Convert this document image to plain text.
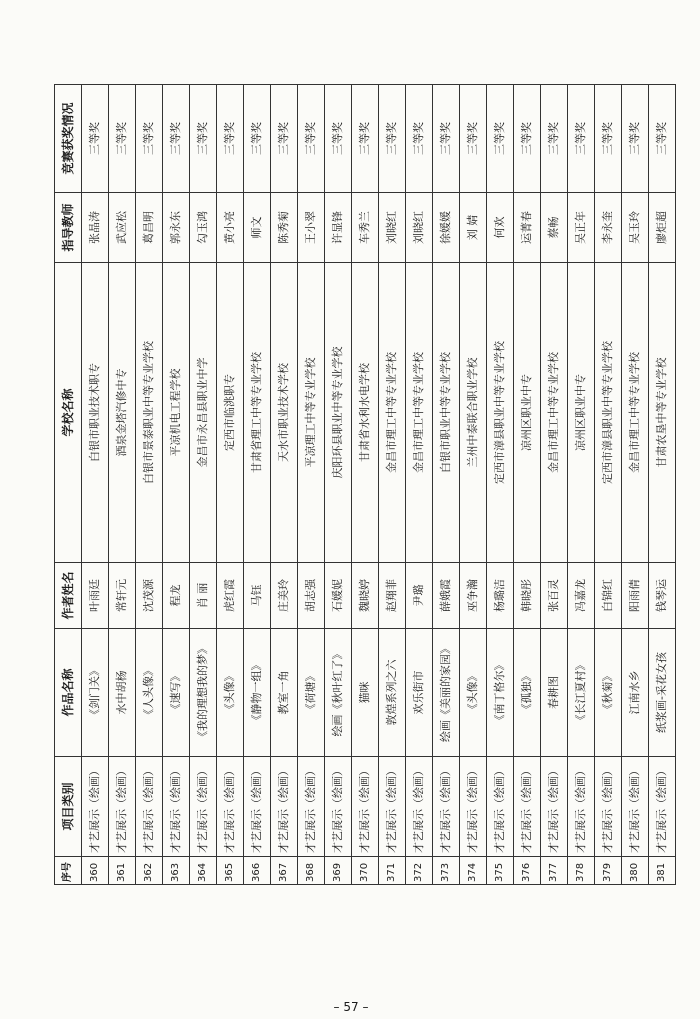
序号	项目类别	作品名称	作者姓名	学校名称	指导教师	竞赛获奖情况
360	才艺展示（绘画）	《剑门关》	叶雨廷	白银市职业技术职专	张晶涛	三等奖
361	才艺展示（绘画）	水中胡杨	常轩元	酒泉金塔汽修中专	武应松	三等奖
362	才艺展示（绘画）	《人头像》	沈茂源	白银市景泰职业中等专业学校	葛昌明	三等奖
363	才艺展示（绘画）	《速写》	程龙	平凉机电工程学校	郭永东	三等奖
364	才艺展示（绘画）	《我的理想我的梦》	肖 丽	金昌市永昌县职业中学	勾玉鸿	三等奖
365	才艺展示（绘画）	《头像》	虎红霞	定西市临洮职专	黄小亮	三等奖
366	才艺展示（绘画）	《静物一组》	马钰	甘肃省理工中等专业学校	师文	三等奖
367	才艺展示（绘画）	教室一角	庄美玲	天水市职业技术学校	陈秀菊	三等奖
368	才艺展示（绘画）	《荷塘》	胡志强	平凉理工中等专业学校	王小翠	三等奖
369	才艺展示（绘画）	绘画《秋叶红了》	石媛妮	庆阳环县职业中等专业学校	许显锋	三等奖
370	才艺展示（绘画）	猫咪	魏晓婷	甘肃省水利水电学校	车秀兰	三等奖
371	才艺展示（绘画）	敦煌系列之六	赵翔菲	金昌市理工中等专业学校	刘晓红	三等奖
372	才艺展示（绘画）	欢乐街市	尹璐	金昌市理工中等专业学校	刘晓红	三等奖
373	才艺展示（绘画）	绘画《美丽的家园》	薛娥霞	白银市职业中等专业学校	徐媛媛	三等奖
374	才艺展示（绘画）	《头像》	巫争瀚	兰州中泰联合职业学校	刘 婧	三等奖
375	才艺展示（绘画）	《南丁格尔》	杨璐洁	定西市漳县职业中等专业学校	何欢	三等奖
376	才艺展示（绘画）	《孤独》	韩晓彤	凉州区职业中专	运菁春	三等奖
377	才艺展示（绘画）	春耕图	张百灵	金昌市理工中等专业学校	蔡畅	三等奖
378	才艺展示（绘画）	《长江夏村》	冯嘉龙	凉州区职业中专	吴正年	三等奖
379	才艺展示（绘画）	《秋菊》	白锦红	定西市漳县职业中等专业学校	李永奎	三等奖
380	才艺展示（绘画）	江南水乡	阳雨倩	金昌市理工中等专业学校	吴玉玲	三等奖
381	才艺展示（绘画）	纸浆画-采花女孩	钱琴运	甘肃农垦中等专业学校	廖炬超	三等奖
– 57 –
